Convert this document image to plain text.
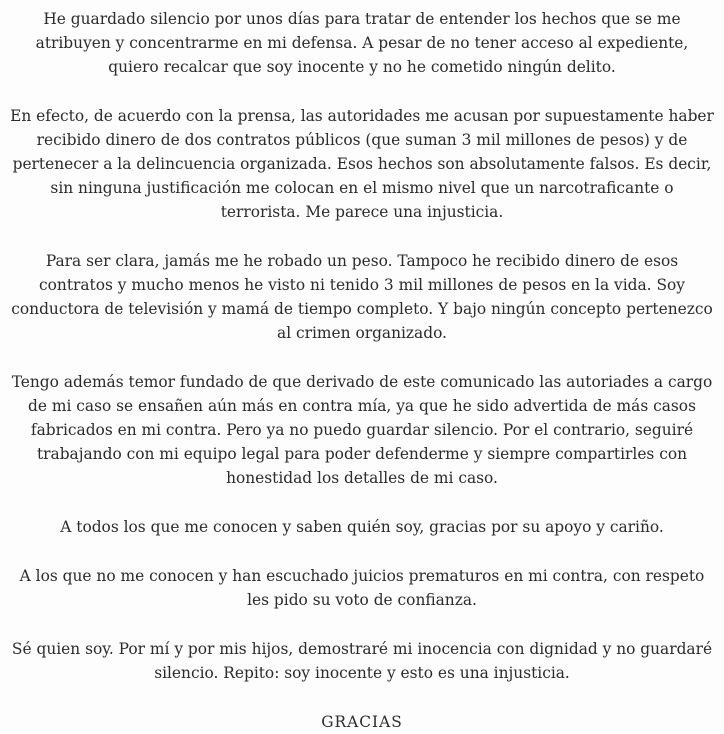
He guardado silencio por unos días para tratar de entender los hechos que se me atribuyen y concentrarme en mi defensa. A pesar de no tener acceso al expediente, quiero recalcar que soy inocente y no he cometido ningún delito.

En efecto, de acuerdo con la prensa, las autoridades me acusan por supuestamente haber recibido dinero de dos contratos públicos (que suman 3 mil millones de pesos) y de pertenecer a la delincuencia organizada. Esos hechos son absolutamente falsos. Es decir, sin ninguna justificación me colocan en el mismo nivel que un narcotraficante o terrorista. Me parece una injusticia.

Para ser clara, jamás me he robado un peso. Tampoco he recibido dinero de esos contratos y mucho menos he visto ni tenido 3 mil millones de pesos en la vida. Soy conductora de televisión y mamá de tiempo completo. Y bajo ningún concepto pertenezco al crimen organizado.

Tengo además temor fundado de que derivado de este comunicado las autoriades a cargo de mi caso se ensañen aún más en contra mía, ya que he sido advertida de más casos fabricados en mi contra. Pero ya no puedo guardar silencio. Por el contrario, seguiré trabajando con mi equipo legal para poder defenderme y siempre compartirles con honestidad los detalles de mi caso.

A todos los que me conocen y saben quién soy, gracias por su apoyo y cariño.

A los que no me conocen y han escuchado juicios prematuros en mi contra, con respeto les pido su voto de confianza.

Sé quien soy. Por mí y por mis hijos, demostraré mi inocencia con dignidad y no guardaré silencio. Repito: soy inocente y esto es una injusticia.

GRACIAS
